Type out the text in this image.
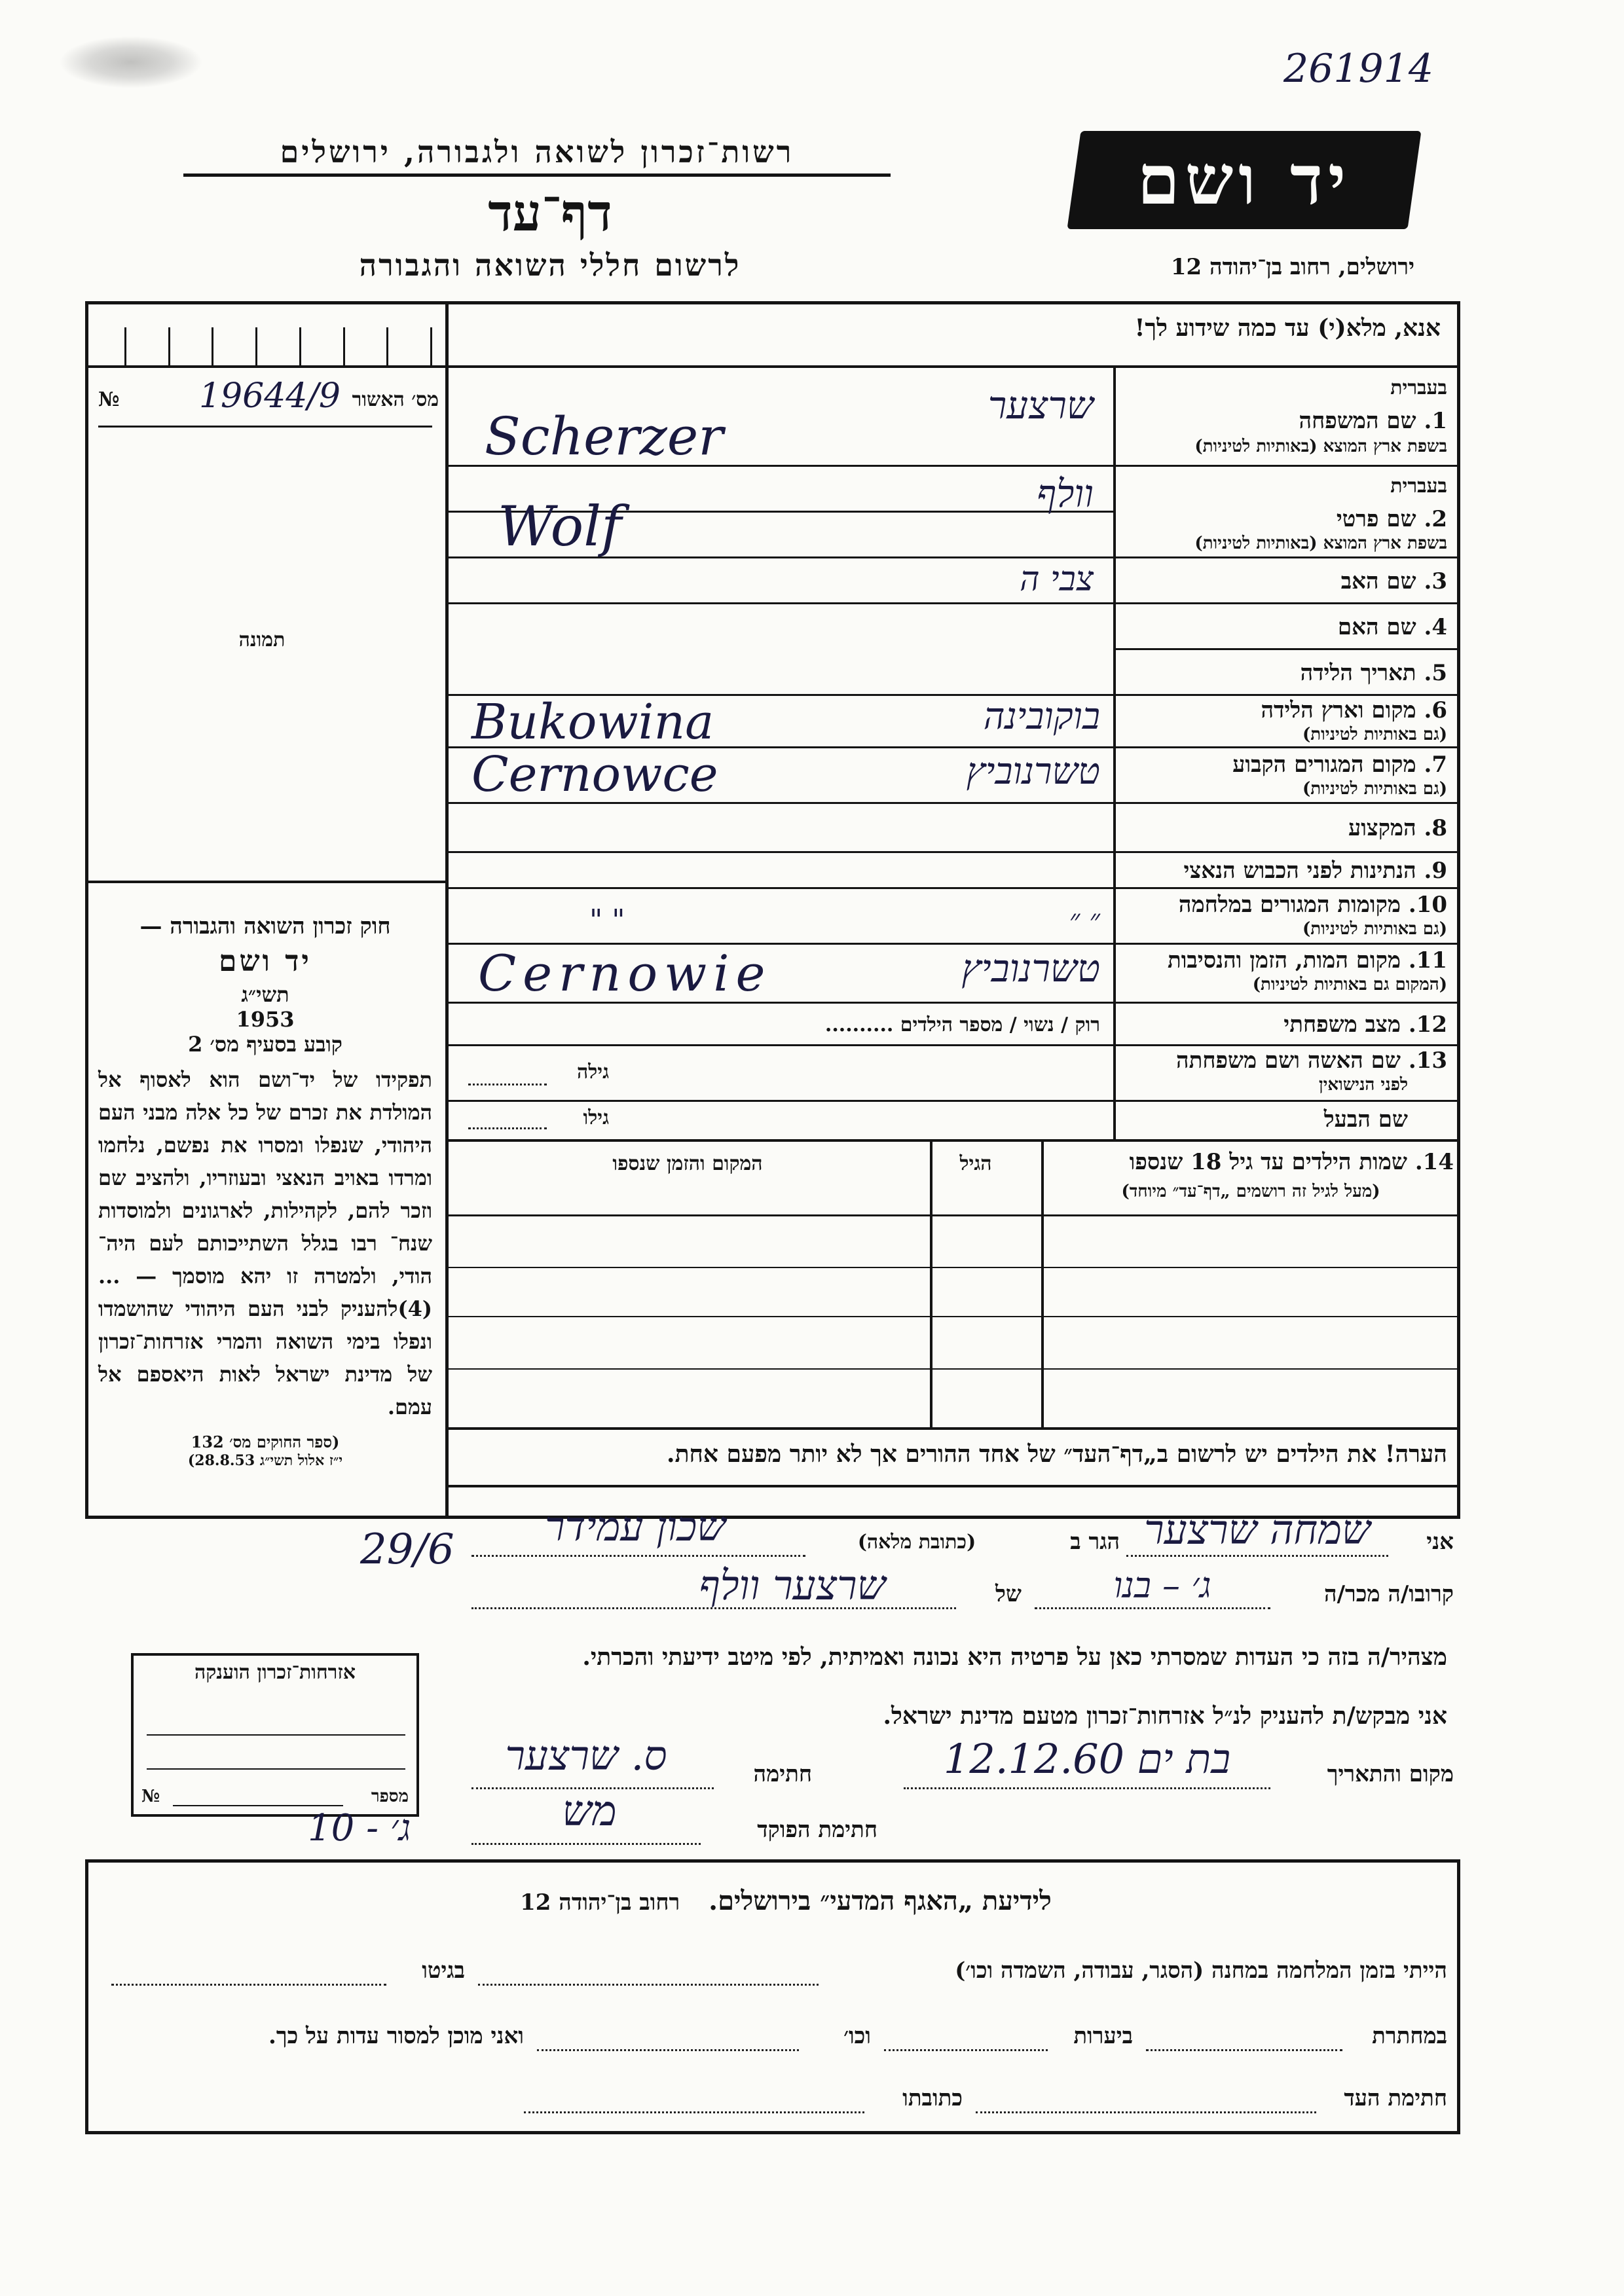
261914
רשות־זכרון לשואה ולגבורה, ירושלים
דף־עד
לרשום חללי השואה והגבורה
יד ושם
ירושלים, רחוב בן־יהודה 12
אנא, מלא(י) עד כמה שידוע לך!
מס׳ האשור
19644/9
№
תמונה
חוק זכרון השואה והגבורה —
יד ושם
תשי״ג
1953
קובע בסעיף מס׳ 2
תפקידו של יד־ושם הוא לאסוף אל המולדת את זכרם של כל אלה מבני העם היהודי, שנפלו ומסרו את נפשם, נלחמו ומרדו באויב הנאצי ובעוזריו, ולהציב שם וזכר להם, לקהילות, לארגונים ולמוסדות שנח־ רבו בגלל השתייכותם לעם היה־ הודי, ולמטרה זו יהא מוסמך — ...(4)להעניק לבני העם היהודי שהושמדו ונפלו בימי השואה והמרי אזרחות־זכרון של מדינת ישראל לאות היאספם אל עמם.
(ספר החוקים מס׳ 132
י״ז אלול תשי״ג 28.8.53)
בעברית
1. שם המשפחה
בשפת ארץ המוצא (באותיות לטיניות)
שרצער
Scherzer
בעברית
2. שם פרטי
בשפת ארץ המוצא (באותיות לטיניות)
וולף
Wolf
3. שם האב
צבי ה
4. שם האם
5. תאריך הלידה
6. מקום וארץ הלידה
(גם באותיות לטיניות)
בוקובינה
Bukowina
7. מקום המגורים הקבוע
(גם באותיות לטיניות)
טשרנוביץ
Cernowce
8. המקצוע
9. הנתינות לפני הכבוש הנאצי
10. מקומות המגורים במלחמה
(גם באותיות לטיניות)
״ ״
" "
11. מקום המות, הזמן והנסיבות
(המקום גם באותיות לטיניות)
טשרנוביץ
Cernowie
12. מצב משפחתי
רוק / נשוי / מספר הילדים ..........
13. שם האשה ושם משפחתה
לפני הנישואין
גילה
שם הבעל
גילו
14. שמות הילדים עד גיל 18 שנספו
(מעל לגיל זה רושמים „דף־עד״ מיוחד)
הגיל
המקום והזמן שנספו
הערה! את הילדים יש לרשום ב„דף־העד״ של אחד ההורים אך לא יותר מפעם אחת.
אני
שמחה שרצער
הגר ב
(כתובת מלאה)
שכון עמידר
קרובו/ה מכר/ה
ג׳ – בנו
של
שרצער וולף
מצהיר/ה בזה כי העדות שמסרתי כאן על פרטיה היא נכונה ואמיתית, לפי מיטב ידיעתי והכרתי.
אני מבקש/ת להעניק לנ״ל אזרחות־זכרון מטעם מדינת ישראל.
מקום והתאריך
בת ים 12.12.60
חתימה
ס. שרצער
חתימת הפוקד
מש
29/6
אזרחות־זכרון הוענקה
מספר
№
ג׳ - 10
לידיעת „האגף המדעי״ בירושלים. רחוב בן־יהודה 12
הייתי בזמן המלחמה במחנה (הסגר, עבודה, השמדה וכו׳)
בגיטו
במחתרת
ביערות
וכו׳
ואני מוכן למסור עדות על כך.
חתימת העד
כתובתו
